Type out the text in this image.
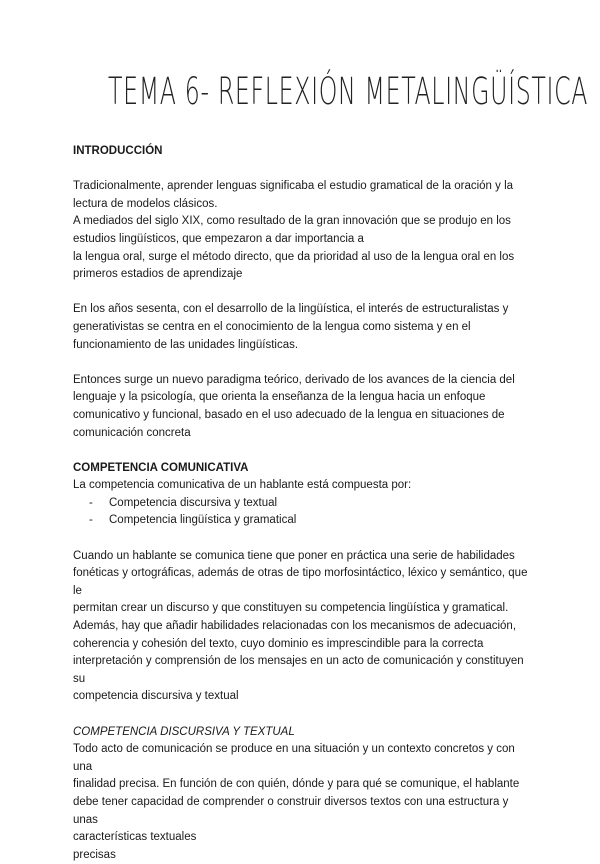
TEMA 6- REFLEXIÓN METALINGÜÍSTICA

INTRODUCCIÓN

Tradicionalmente, aprender lenguas significaba el estudio gramatical de la oración y la
lectura de modelos clásicos.
A mediados del siglo XIX, como resultado de la gran innovación que se produjo en los
estudios lingüísticos, que empezaron a dar importancia a
la lengua oral, surge el método directo, que da prioridad al uso de la lengua oral en los
primeros estadios de aprendizaje
En los años sesenta, con el desarrollo de la lingüística, el interés de estructuralistas y
generativistas se centra en el conocimiento de la lengua como sistema y en el
funcionamiento de las unidades lingüísticas.
Entonces surge un nuevo paradigma teórico, derivado de los avances de la ciencia del
lenguaje y la psicología, que orienta la enseñanza de la lengua hacia un enfoque
comunicativo y funcional, basado en el uso adecuado de la lengua en situaciones de
comunicación concreta

COMPETENCIA COMUNICATIVA

La competencia comunicativa de un hablante está compuesta por:
- Competencia discursiva y textual
- Competencia lingüística y gramatical
Cuando un hablante se comunica tiene que poner en práctica una serie de habilidades
fonéticas y ortográficas, además de otras de tipo morfosintáctico, léxico y semántico, que le
permitan crear un discurso y que constituyen su competencia lingüística y gramatical.
Además, hay que añadir habilidades relacionadas con los mecanismos de adecuación,
coherencia y cohesión del texto, cuyo dominio es imprescindible para la correcta
interpretación y comprensión de los mensajes en un acto de comunicación y constituyen su
competencia discursiva y textual

COMPETENCIA DISCURSIVA Y TEXTUAL

Todo acto de comunicación se produce en una situación y un contexto concretos y con una
finalidad precisa. En función de con quién, dónde y para qué se comunique, el hablante
debe tener capacidad de comprender o construir diversos textos con una estructura y unas
características textuales
precisas
